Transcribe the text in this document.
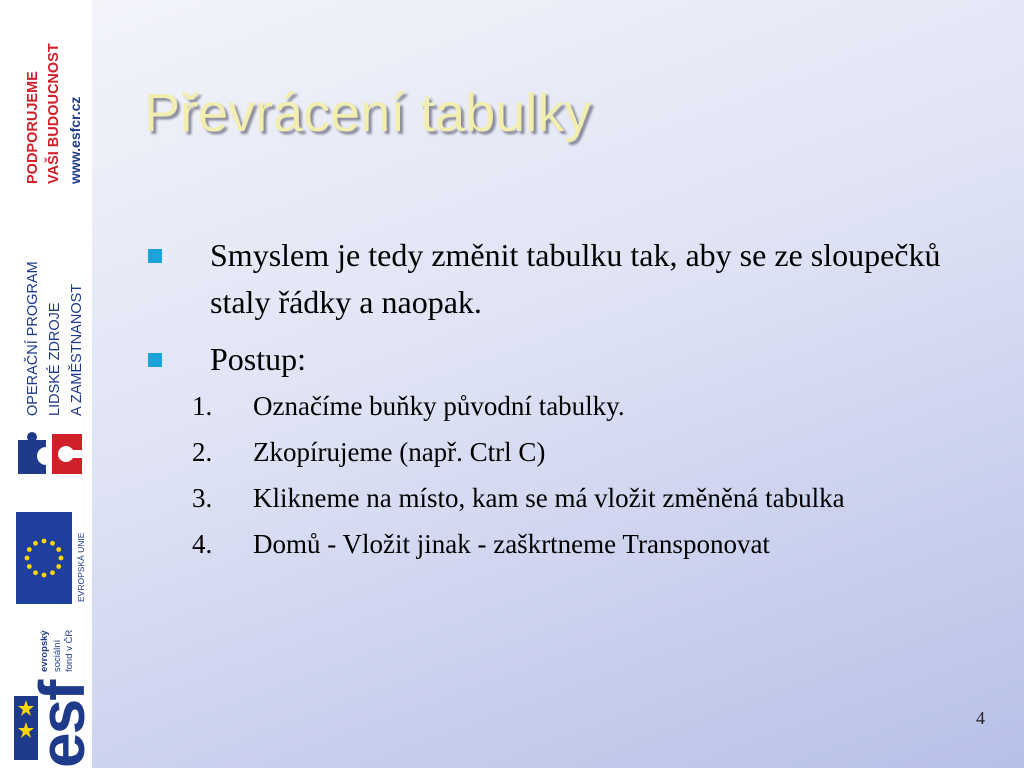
PODPORUJEME VAŠI BUDOUCNOST www.esfcr.cz
OPERAČNÍ PROGRAM LIDSKÉ ZDROJE A ZAMĚSTNANOST
EVROPSKÁ UNIE
evropský sociální fond v ČR
esf
Převrácení tabulky
Smyslem je tedy změnit tabulku tak, aby se ze sloupečků staly řádky a naopak.
Postup:
1. Označíme buňky původní tabulky.
2. Zkopírujeme (např. Ctrl C)
3. Klikneme na místo, kam se má vložit změněná tabulka
4. Domů - Vložit jinak - zaškrtneme Transponovat
4
